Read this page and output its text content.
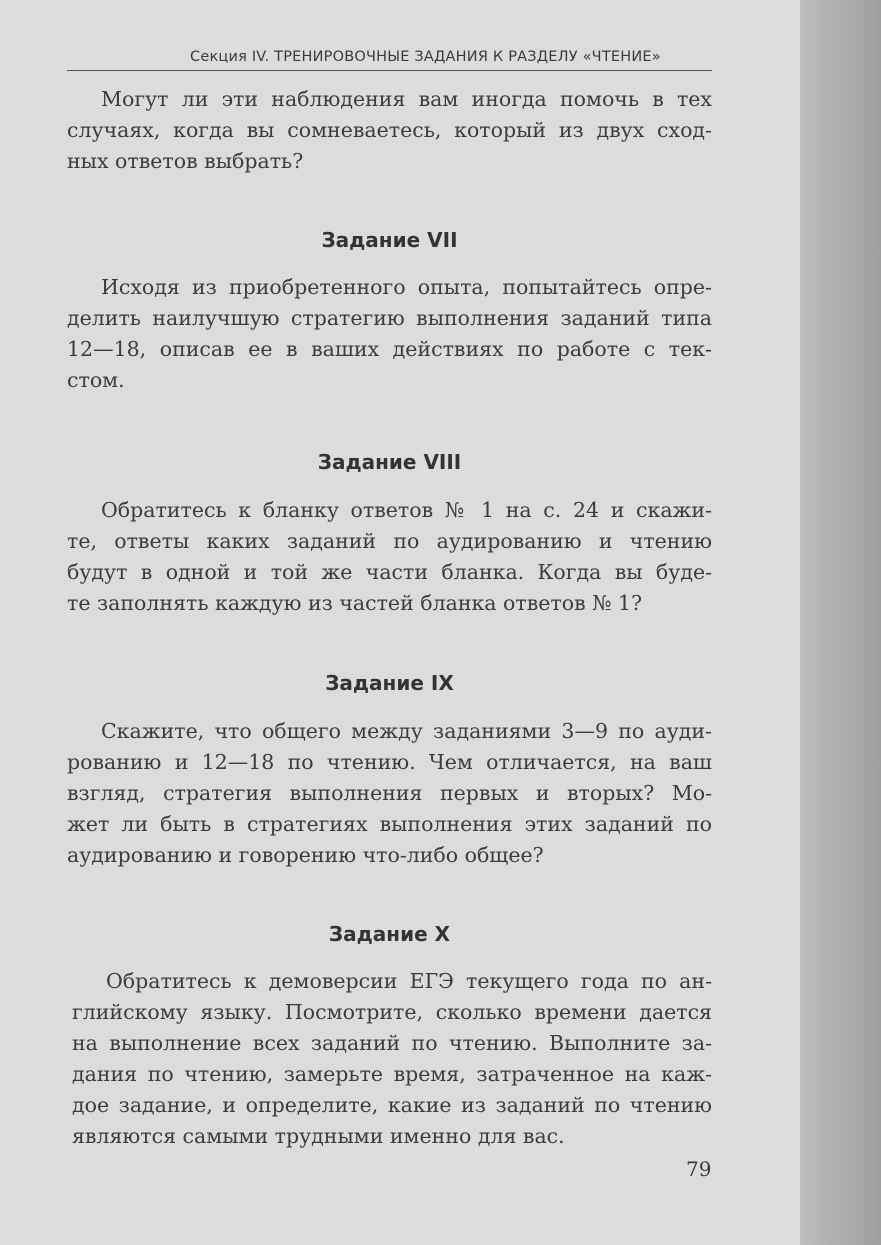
Секция IV. ТРЕНИРОВОЧНЫЕ ЗАДАНИЯ К РАЗДЕЛУ «ЧТЕНИЕ»
Могут ли эти наблюдения вам иногда помочь в тех
случаях, когда вы сомневаетесь, который из двух сход-
ных ответов выбрать?
Задание VII
Исходя из приобретенного опыта, попытайтесь опре-
делить наилучшую стратегию выполнения заданий типа
12—18, описав ее в ваших действиях по работе с тек-
стом.
Задание VIII
Обратитесь к бланку ответов № 1 на с. 24 и скажи-
те, ответы каких заданий по аудированию и чтению
будут в одной и той же части бланка. Когда вы буде-
те заполнять каждую из частей бланка ответов № 1?
Задание IX
Скажите, что общего между заданиями 3—9 по ауди-
рованию и 12—18 по чтению. Чем отличается, на ваш
взгляд, стратегия выполнения первых и вторых? Мо-
жет ли быть в стратегиях выполнения этих заданий по
аудированию и говорению что-либо общее?
Задание X
Обратитесь к демоверсии ЕГЭ текущего года по ан-
глийскому языку. Посмотрите, сколько времени дается
на выполнение всех заданий по чтению. Выполните за-
дания по чтению, замерьте время, затраченное на каж-
дое задание, и определите, какие из заданий по чтению
являются самыми трудными именно для вас.
79
